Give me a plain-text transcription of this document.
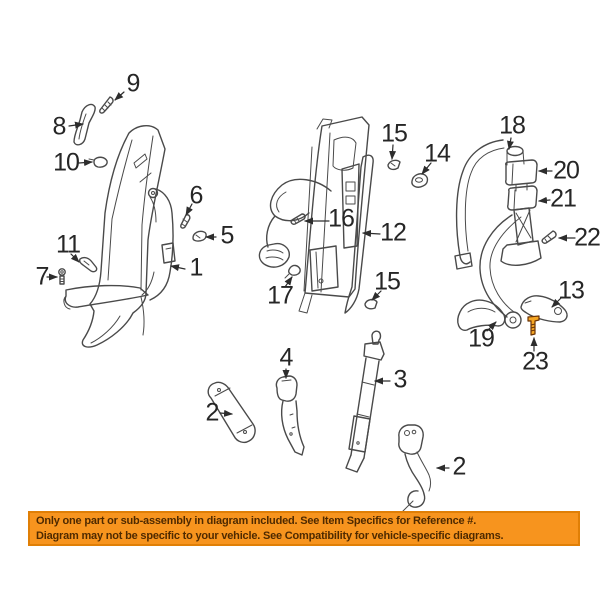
9
8
10
6
5
11
7	1
15
14
16 12
17	15
18
20
21
22
13
19
23
2
4
3
2
Only one part or sub-assembly in diagram included. See Item Specifics for Reference #.
Diagram may not be specific to your vehicle. See Compatibility for vehicle-specific diagrams.
